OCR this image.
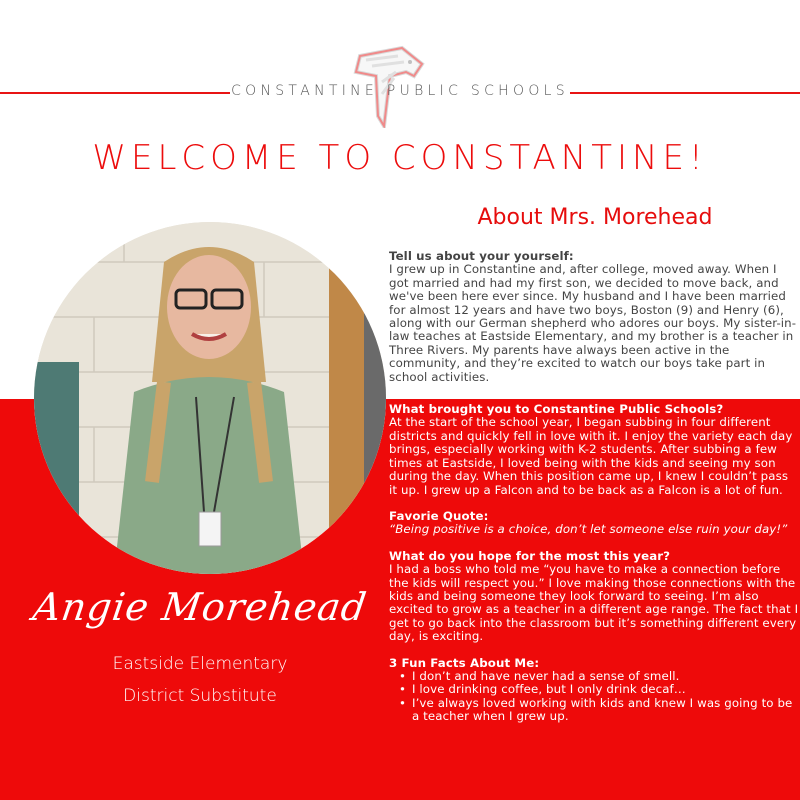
CONSTANTINE PUBLIC SCHOOLS
WELCOME TO CONSTANTINE!
About Mrs. Morehead
Tell us about your yourself:
I grew up in Constantine and, after college, moved away. When I got married and had my first son, we decided to move back, and we've been here ever since. My husband and I have been married for almost 12 years and have two boys, Boston (9) and Henry (6), along with our German shepherd who adores our boys. My sister-in-law teaches at Eastside Elementary, and my brother is a teacher in Three Rivers. My parents have always been active in the community, and they’re excited to watch our boys take part in school activities.
What brought you to Constantine Public Schools?
At the start of the school year, I began subbing in four different districts and quickly fell in love with it. I enjoy the variety each day brings, especially working with K-2 students. After subbing a few times at Eastside, I loved being with the kids and seeing my son during the day. When this position came up, I knew I couldn’t pass it up. I grew up a Falcon and to be back as a Falcon is a lot of fun.
Favorie Quote:
“Being positive is a choice, don’t let someone else ruin your day!”
What do you hope for the most this year?
I had a boss who told me “you have to make a connection before the kids will respect you.” I love making those connections with the kids and being someone they look forward to seeing. I’m also excited to grow as a teacher in a different age range. The fact that I get to go back into the classroom but it’s something different every day, is exciting.
3 Fun Facts About Me:
• I don’t and have never had a sense of smell.
• I love drinking coffee, but I only drink decaf…
• I’ve always loved working with kids and knew I was going to be a teacher when I grew up.
Angie Morehead
Eastside Elementary
District Substitute
